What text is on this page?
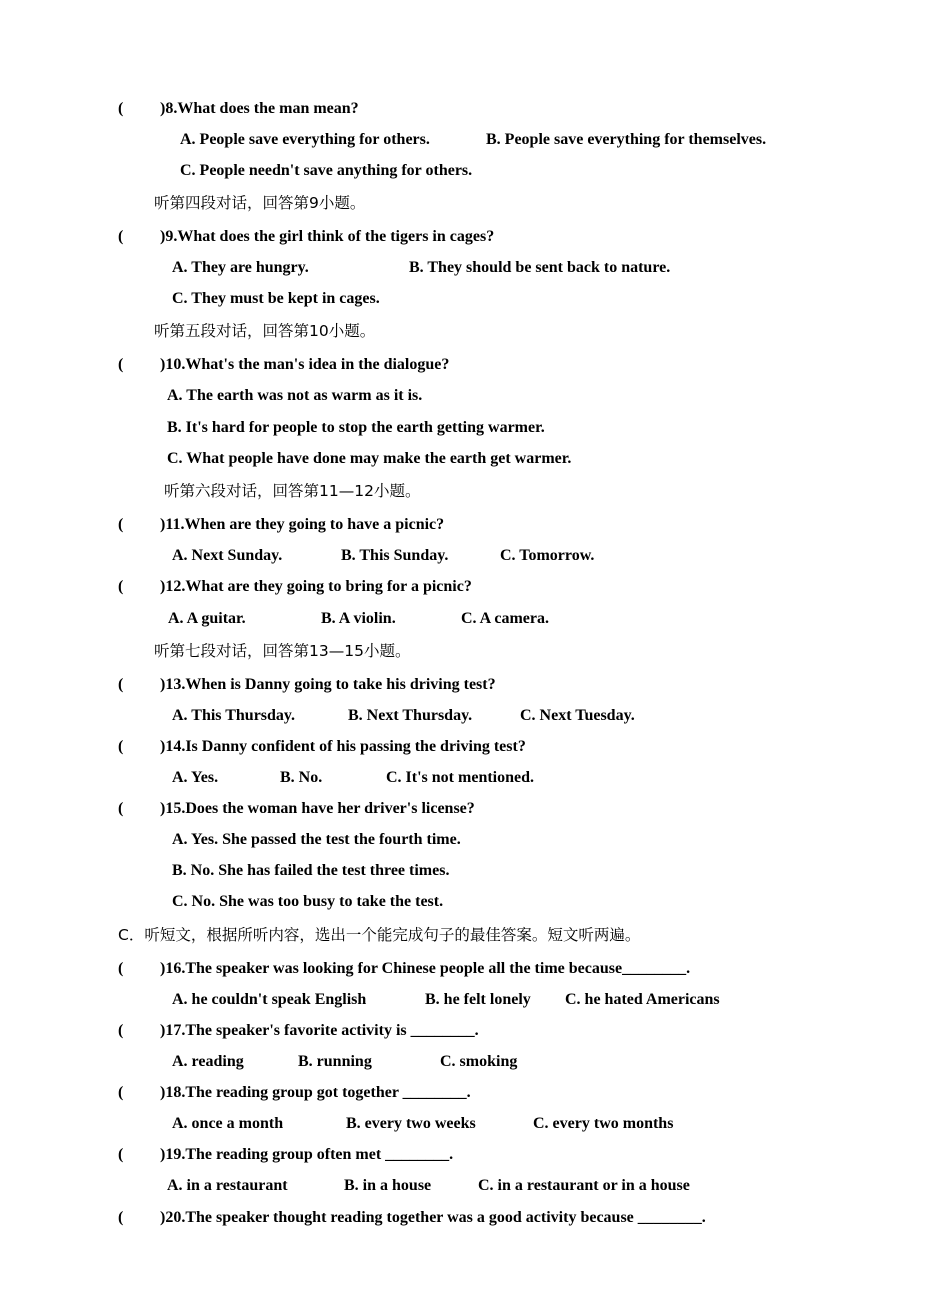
( )8.What does the man mean?
A. People save everything for others.	B. People save everything for themselves.
C. People needn't save anything for others.
听第四段对话，回答第9小题。
( )9.What does the girl think of the tigers in cages?
A. They are hungry.	B. They should be sent back to nature.
C. They must be kept in cages.
听第五段对话，回答第10小题。
( )10.What's the man's idea in the dialogue?
A. The earth was not as warm as it is.
B. It's hard for people to stop the earth getting warmer.
C. What people have done may make the earth get warmer.
听第六段对话，回答第11—12小题。
( )11.When are they going to have a picnic?
A. Next Sunday.	B. This Sunday.	C. Tomorrow.
( )12.What are they going to bring for a picnic?
A. A guitar.	B. A violin.	C. A camera.
听第七段对话，回答第13—15小题。
( )13.When is Danny going to take his driving test?
A. This Thursday.	B. Next Thursday.	C. Next Tuesday.
( )14.Is Danny confident of his passing the driving test?
A. Yes.	B. No.	C. It's not mentioned.
( )15.Does the woman have her driver's license?
A. Yes. She passed the test the fourth time.
B. No. She has failed the test three times.
C. No. She was too busy to take the test.
C．听短文，根据所听内容，选出一个能完成句子的最佳答案。短文听两遍。
( )16.The speaker was looking for Chinese people all the time because________.
A. he couldn't speak English	B. he felt lonely C. he hated Americans
( )17.The speaker's favorite activity is ________.
A. reading	B. running	C. smoking
( )18.The reading group got together ________.
A. once a month	B. every two weeks	C. every two months
( )19.The reading group often met ________.
A. in a restaurant	B. in a house	C. in a restaurant or in a house
( )20.The speaker thought reading together was a good activity because ________.
